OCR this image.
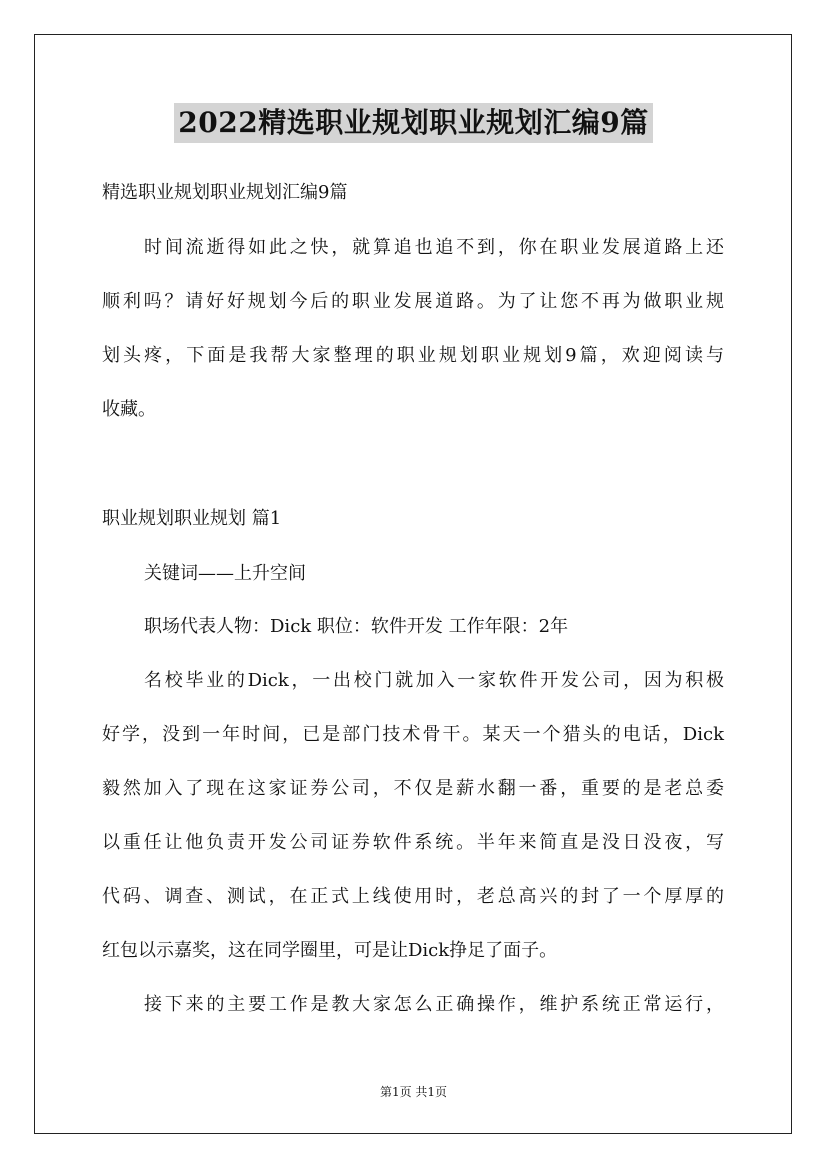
2022精选职业规划职业规划汇编9篇
精选职业规划职业规划汇编9篇
时间流逝得如此之快，就算追也追不到，你在职业发展道路上还
顺利吗？请好好规划今后的职业发展道路。为了让您不再为做职业规
划头疼，下面是我帮大家整理的职业规划职业规划9篇，欢迎阅读与
收藏。
职业规划职业规划 篇1
关键词——上升空间
职场代表人物：Dick 职位：软件开发 工作年限：2年
名校毕业的Dick，一出校门就加入一家软件开发公司，因为积极
好学，没到一年时间，已是部门技术骨干。某天一个猎头的电话，Dick
毅然加入了现在这家证券公司，不仅是薪水翻一番，重要的是老总委
以重任让他负责开发公司证券软件系统。半年来简直是没日没夜，写
代码、调查、测试，在正式上线使用时，老总高兴的封了一个厚厚的
红包以示嘉奖，这在同学圈里，可是让Dick挣足了面子。
接下来的主要工作是教大家怎么正确操作，维护系统正常运行，
第1页 共1页
